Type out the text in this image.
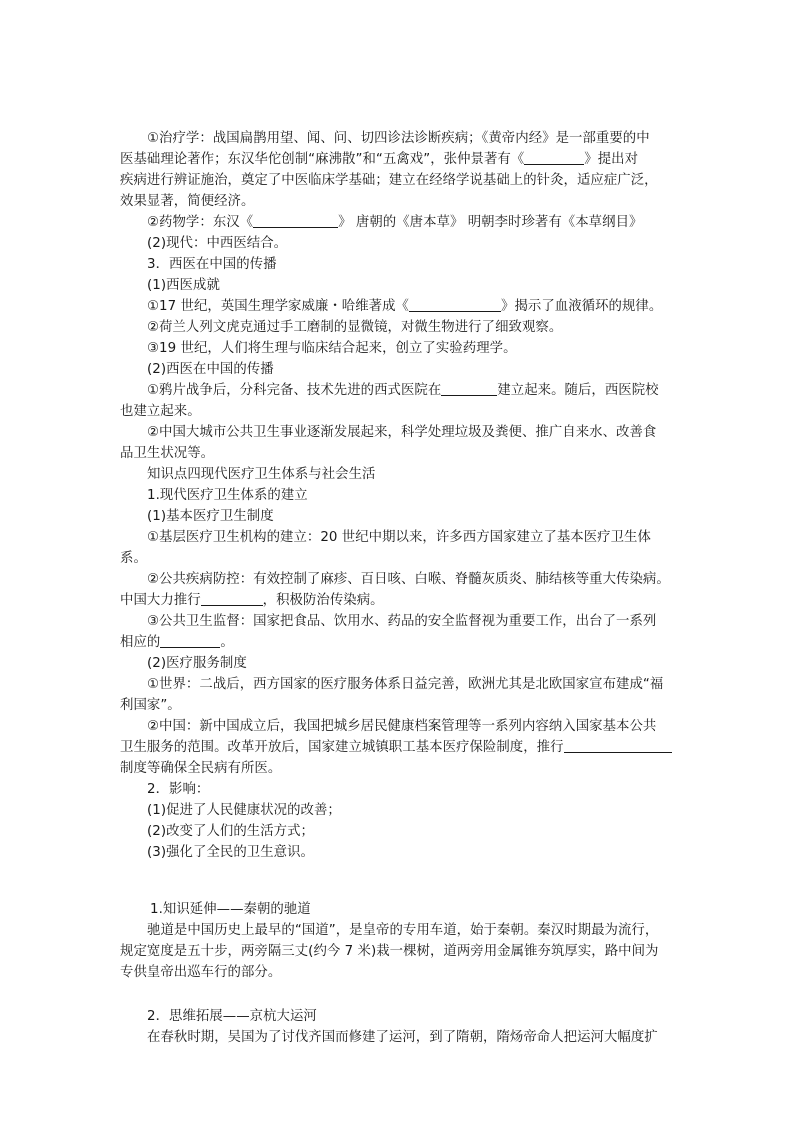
①治疗学：战国扁鹊用望、闻、问、切四诊法诊断疾病；《黄帝内经》是一部重要的中
医基础理论著作；东汉华佗创制“麻沸散”和“五禽戏”，张仲景著有《	》提出对
疾病进行辨证施治，奠定了中医临床学基础；建立在经络学说基础上的针灸，适应症广泛，
效果显著，简便经济。
②药物学：东汉《	》 唐朝的《唐本草》 明朝李时珍著有《本草纲目》
(2)现代：中西医结合。
3．西医在中国的传播
(1)西医成就
①17 世纪，英国生理学家威廉・哈维著成《	》揭示了血液循环的规律。
②荷兰人列文虎克通过手工磨制的显微镜，对微生物进行了细致观察。
③19 世纪，人们将生理与临床结合起来，创立了实验药理学。
(2)西医在中国的传播
①鸦片战争后，分科完备、技术先进的西式医院在	建立起来。随后，西医院校
也建立起来。
②中国大城市公共卫生事业逐渐发展起来，科学处理垃圾及粪便、推广自来水、改善食
品卫生状况等。
知识点四现代医疗卫生体系与社会生活
1.现代医疗卫生体系的建立
(1)基本医疗卫生制度
①基层医疗卫生机构的建立：20 世纪中期以来，许多西方国家建立了基本医疗卫生体
系。
②公共疾病防控：有效控制了麻疹、百日咳、白喉、脊髓灰质炎、肺结核等重大传染病。
中国大力推行	，积极防治传染病。
③公共卫生监督：国家把食品、饮用水、药品的安全监督视为重要工作，出台了一系列
相应的	。
(2)医疗服务制度
①世界：二战后，西方国家的医疗服务体系日益完善，欧洲尤其是北欧国家宣布建成“福
利国家”。
②中国：新中国成立后，我国把城乡居民健康档案管理等一系列内容纳入国家基本公共
卫生服务的范围。改革开放后，国家建立城镇职工基本医疗保险制度，推行
制度等确保全民病有所医。
2．影响：
(1)促进了人民健康状况的改善；
(2)改变了人们的生活方式；
(3)强化了全民的卫生意识。
1.知识延伸——秦朝的驰道
驰道是中国历史上最早的“国道”，是皇帝的专用车道，始于秦朝。秦汉时期最为流行，
规定宽度是五十步，两旁隔三丈(约今 7 米)栽一棵树，道两旁用金属锥夯筑厚实，路中间为
专供皇帝出巡车行的部分。
2．思维拓展——京杭大运河
在春秋时期，吴国为了讨伐齐国而修建了运河，到了隋朝，隋炀帝命人把运河大幅度扩
